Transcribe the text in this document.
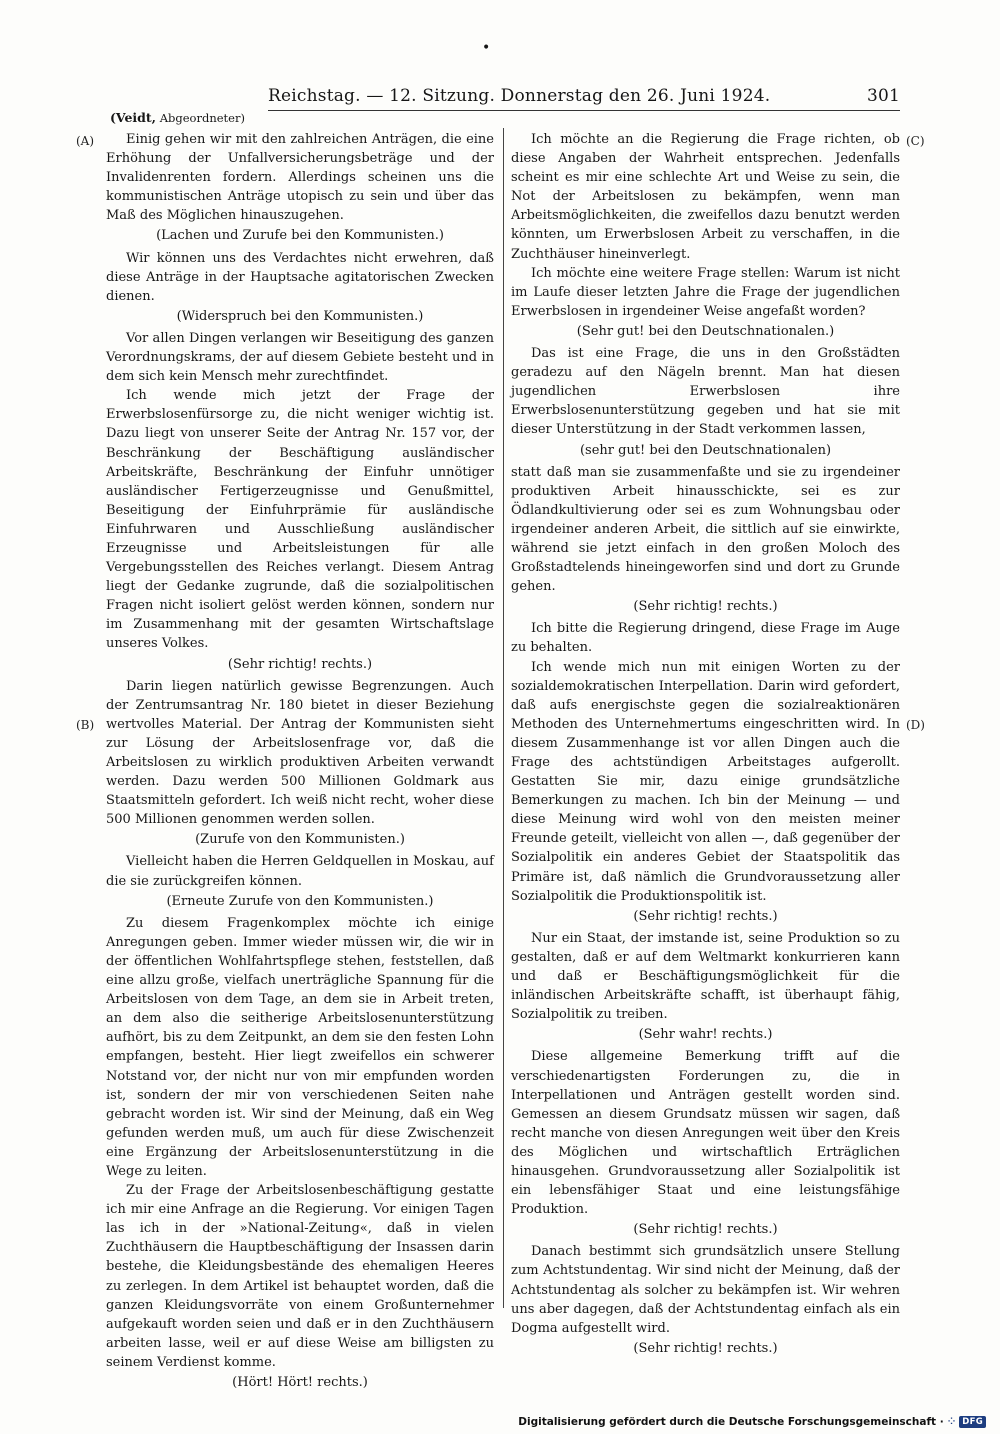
•
Reichstag. — 12. Sitzung. Donnerstag den 26. Juni 1924.	301
(Veidt, Abgeordneter)
(A)
(B)
(C)
(D)

Einig gehen wir mit den zahlreichen Anträgen, die eine Erhöhung der Unfallversicherungsbeträge und der Invalidenrenten fordern. Allerdings scheinen uns die kommunistischen Anträge utopisch zu sein und über das Maß des Möglichen hinauszugehen.

(Lachen und Zurufe bei den Kommunisten.)

Wir können uns des Verdachtes nicht erwehren, daß diese Anträge in der Hauptsache agitatorischen Zwecken dienen.

(Widerspruch bei den Kommunisten.)

Vor allen Dingen verlangen wir Beseitigung des ganzen Verordnungskrams, der auf diesem Gebiete besteht und in dem sich kein Mensch mehr zurechtfindet.

Ich wende mich jetzt der Frage der Erwerbslosenfürsorge zu, die nicht weniger wichtig ist. Dazu liegt von unserer Seite der Antrag Nr. 157 vor, der Beschränkung der Beschäftigung ausländischer Arbeitskräfte, Beschränkung der Einfuhr unnötiger ausländischer Fertigerzeugnisse und Genußmittel, Beseitigung der Einfuhrprämie für ausländische Einfuhrwaren und Ausschließung ausländischer Erzeugnisse und Arbeitsleistungen für alle Vergebungsstellen des Reiches verlangt. Diesem Antrag liegt der Gedanke zugrunde, daß die sozialpolitischen Fragen nicht isoliert gelöst werden können, sondern nur im Zusammenhang mit der gesamten Wirtschaftslage unseres Volkes.

(Sehr richtig! rechts.)

Darin liegen natürlich gewisse Begrenzungen. Auch der Zentrumsantrag Nr. 180 bietet in dieser Beziehung wertvolles Material. Der Antrag der Kommunisten sieht zur Lösung der Arbeitslosenfrage vor, daß die Arbeitslosen zu wirklich produktiven Arbeiten verwandt werden. Dazu werden 500 Millionen Goldmark aus Staatsmitteln gefordert. Ich weiß nicht recht, woher diese 500 Millionen genommen werden sollen.

(Zurufe von den Kommunisten.)

Vielleicht haben die Herren Geldquellen in Moskau, auf die sie zurückgreifen können.

(Erneute Zurufe von den Kommunisten.)

Zu diesem Fragenkomplex möchte ich einige Anregungen geben. Immer wieder müssen wir, die wir in der öffentlichen Wohlfahrtspflege stehen, feststellen, daß eine allzu große, vielfach unerträgliche Spannung für die Arbeitslosen von dem Tage, an dem sie in Arbeit treten, an dem also die seitherige Arbeitslosenunterstützung aufhört, bis zu dem Zeitpunkt, an dem sie den festen Lohn empfangen, besteht. Hier liegt zweifellos ein schwerer Notstand vor, der nicht nur von mir empfunden worden ist, sondern der mir von verschiedenen Seiten nahe gebracht worden ist. Wir sind der Meinung, daß ein Weg gefunden werden muß, um auch für diese Zwischenzeit eine Ergänzung der Arbeitslosenunterstützung in die Wege zu leiten.

Zu der Frage der Arbeitslosenbeschäftigung gestatte ich mir eine Anfrage an die Regierung. Vor einigen Tagen las ich in der »National-Zeitung«, daß in vielen Zuchthäusern die Hauptbeschäftigung der Insassen darin bestehe, die Kleidungsbestände des ehemaligen Heeres zu zerlegen. In dem Artikel ist behauptet worden, daß die ganzen Kleidungsvorräte von einem Großunternehmer aufgekauft worden seien und daß er in den Zuchthäusern arbeiten lasse, weil er auf diese Weise am billigsten zu seinem Verdienst komme.

(Hört! Hört! rechts.)

Ich möchte an die Regierung die Frage richten, ob diese Angaben der Wahrheit entsprechen. Jedenfalls scheint es mir eine schlechte Art und Weise zu sein, die Not der Arbeitslosen zu bekämpfen, wenn man Arbeitsmöglichkeiten, die zweifellos dazu benutzt werden könnten, um Erwerbslosen Arbeit zu verschaffen, in die Zuchthäuser hineinverlegt.

Ich möchte eine weitere Frage stellen: Warum ist nicht im Laufe dieser letzten Jahre die Frage der jugendlichen Erwerbslosen in irgendeiner Weise angefaßt worden?

(Sehr gut! bei den Deutschnationalen.)

Das ist eine Frage, die uns in den Großstädten geradezu auf den Nägeln brennt. Man hat diesen jugendlichen Erwerbslosen ihre Erwerbslosenunterstützung gegeben und hat sie mit dieser Unterstützung in der Stadt verkommen lassen,

(sehr gut! bei den Deutschnationalen)

statt daß man sie zusammenfaßte und sie zu irgendeiner produktiven Arbeit hinausschickte, sei es zur Ödlandkultivierung oder sei es zum Wohnungsbau oder irgendeiner anderen Arbeit, die sittlich auf sie einwirkte, während sie jetzt einfach in den großen Moloch des Großstadtelends hineingeworfen sind und dort zu Grunde gehen.

(Sehr richtig! rechts.)

Ich bitte die Regierung dringend, diese Frage im Auge zu behalten.

Ich wende mich nun mit einigen Worten zu der sozialdemokratischen Interpellation. Darin wird gefordert, daß aufs energischste gegen die sozialreaktionären Methoden des Unternehmertums eingeschritten wird. In diesem Zusammenhange ist vor allen Dingen auch die Frage des achtstündigen Arbeitstages aufgerollt. Gestatten Sie mir, dazu einige grundsätzliche Bemerkungen zu machen. Ich bin der Meinung — und diese Meinung wird wohl von den meisten meiner Freunde geteilt, vielleicht von allen —, daß gegenüber der Sozialpolitik ein anderes Gebiet der Staatspolitik das Primäre ist, daß nämlich die Grundvoraussetzung aller Sozialpolitik die Produktionspolitik ist.

(Sehr richtig! rechts.)

Nur ein Staat, der imstande ist, seine Produktion so zu gestalten, daß er auf dem Weltmarkt konkurrieren kann und daß er Beschäftigungsmöglichkeit für die inländischen Arbeitskräfte schafft, ist überhaupt fähig, Sozialpolitik zu treiben.

(Sehr wahr! rechts.)

Diese allgemeine Bemerkung trifft auf die verschiedenartigsten Forderungen zu, die in Interpellationen und Anträgen gestellt worden sind. Gemessen an diesem Grundsatz müssen wir sagen, daß recht manche von diesen Anregungen weit über den Kreis des Möglichen und wirtschaftlich Erträglichen hinausgehen. Grundvoraussetzung aller Sozialpolitik ist ein lebensfähiger Staat und eine leistungsfähige Produktion.

(Sehr richtig! rechts.)

Danach bestimmt sich grundsätzlich unsere Stellung zum Achtstundentag. Wir sind nicht der Meinung, daß der Achtstundentag als solcher zu bekämpfen ist. Wir wehren uns aber dagegen, daß der Achtstundentag einfach als ein Dogma aufgestellt wird.

(Sehr richtig! rechts.)

Digitalisierung gefördert durch die Deutsche Forschungsgemeinschaft · ⁘ DFG
